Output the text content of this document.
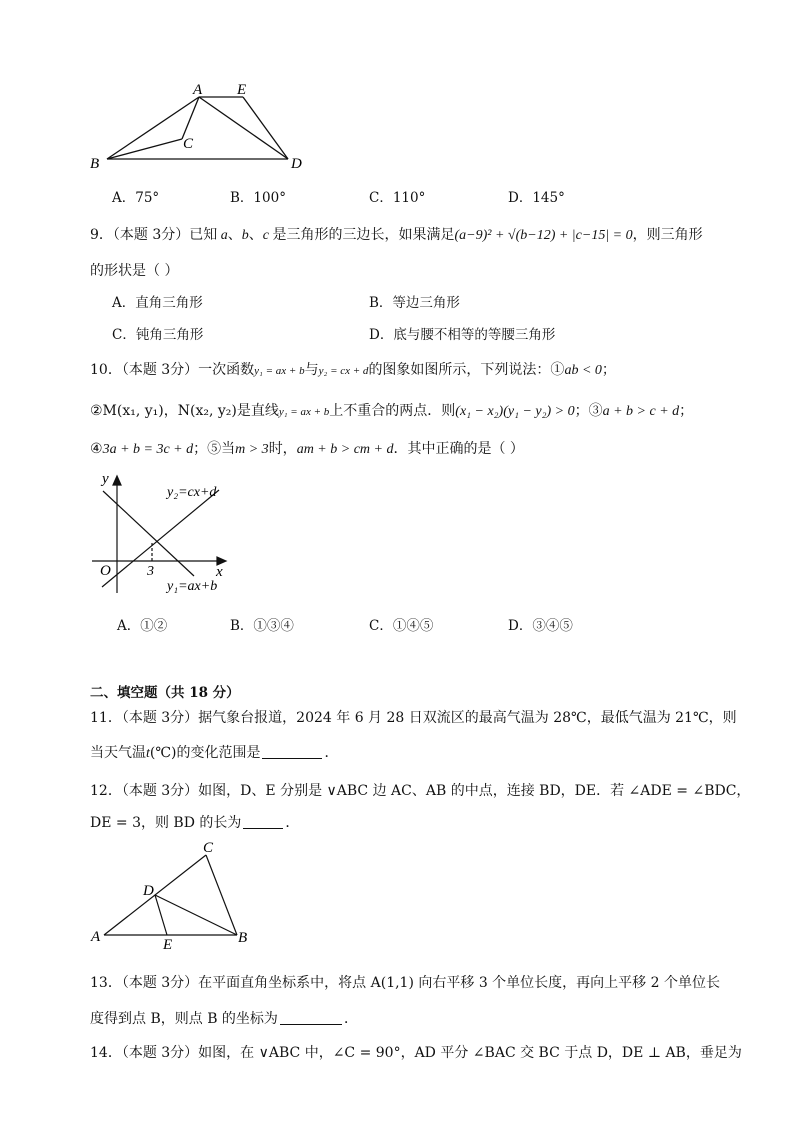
A E
C
B	D
A．75°	B．100°	C．110°	D．145°
9．（本题 3分）已知 a、b、c 是三角形的三边长，如果满足(a−9)² + √(b−12) + |c−15| = 0，则三角形
的形状是（ ）
A．直角三角形	B．等边三角形
C．钝角三角形	D．底与腰不相等的等腰三角形
10．（本题 3分）一次函数y₁ = ax + b与y₂ = cx + d的图象如图所示，下列说法：①ab < 0；
②M(x₁, y₁)，N(x₂, y₂)是直线y₁ = ax + b上不重合的两点．则(x₁ − x₂)(y₁ − y₂) > 0；③a + b > c + d；
④3a + b = 3c + d；⑤当m > 3时，am + b > cm + d．其中正确的是（ ）
y
x
O	3
y₂=cx+d
y₁=ax+b
A．①②	B．①③④	C．①④⑤	D．③④⑤
二、填空题（共 18 分）
11．（本题 3分）据气象台报道，2024 年 6 月 28 日双流区的最高气温为 28℃，最低气温为 21℃，则
当天气温t(℃)的变化范围是	．
12．（本题 3分）如图，D、E 分别是 ∨ABC 边 AC、AB 的中点，连接 BD，DE．若 ∠ADE = ∠BDC，
DE = 3，则 BD 的长为	．
C
D
A	E	B
13．（本题 3分）在平面直角坐标系中，将点 A(1,1) 向右平移 3 个单位长度，再向上平移 2 个单位长
度得到点 B，则点 B 的坐标为	．
14．（本题 3分）如图，在 ∨ABC 中，∠C = 90°，AD 平分 ∠BAC 交 BC 于点 D，DE ⊥ AB，垂足为
